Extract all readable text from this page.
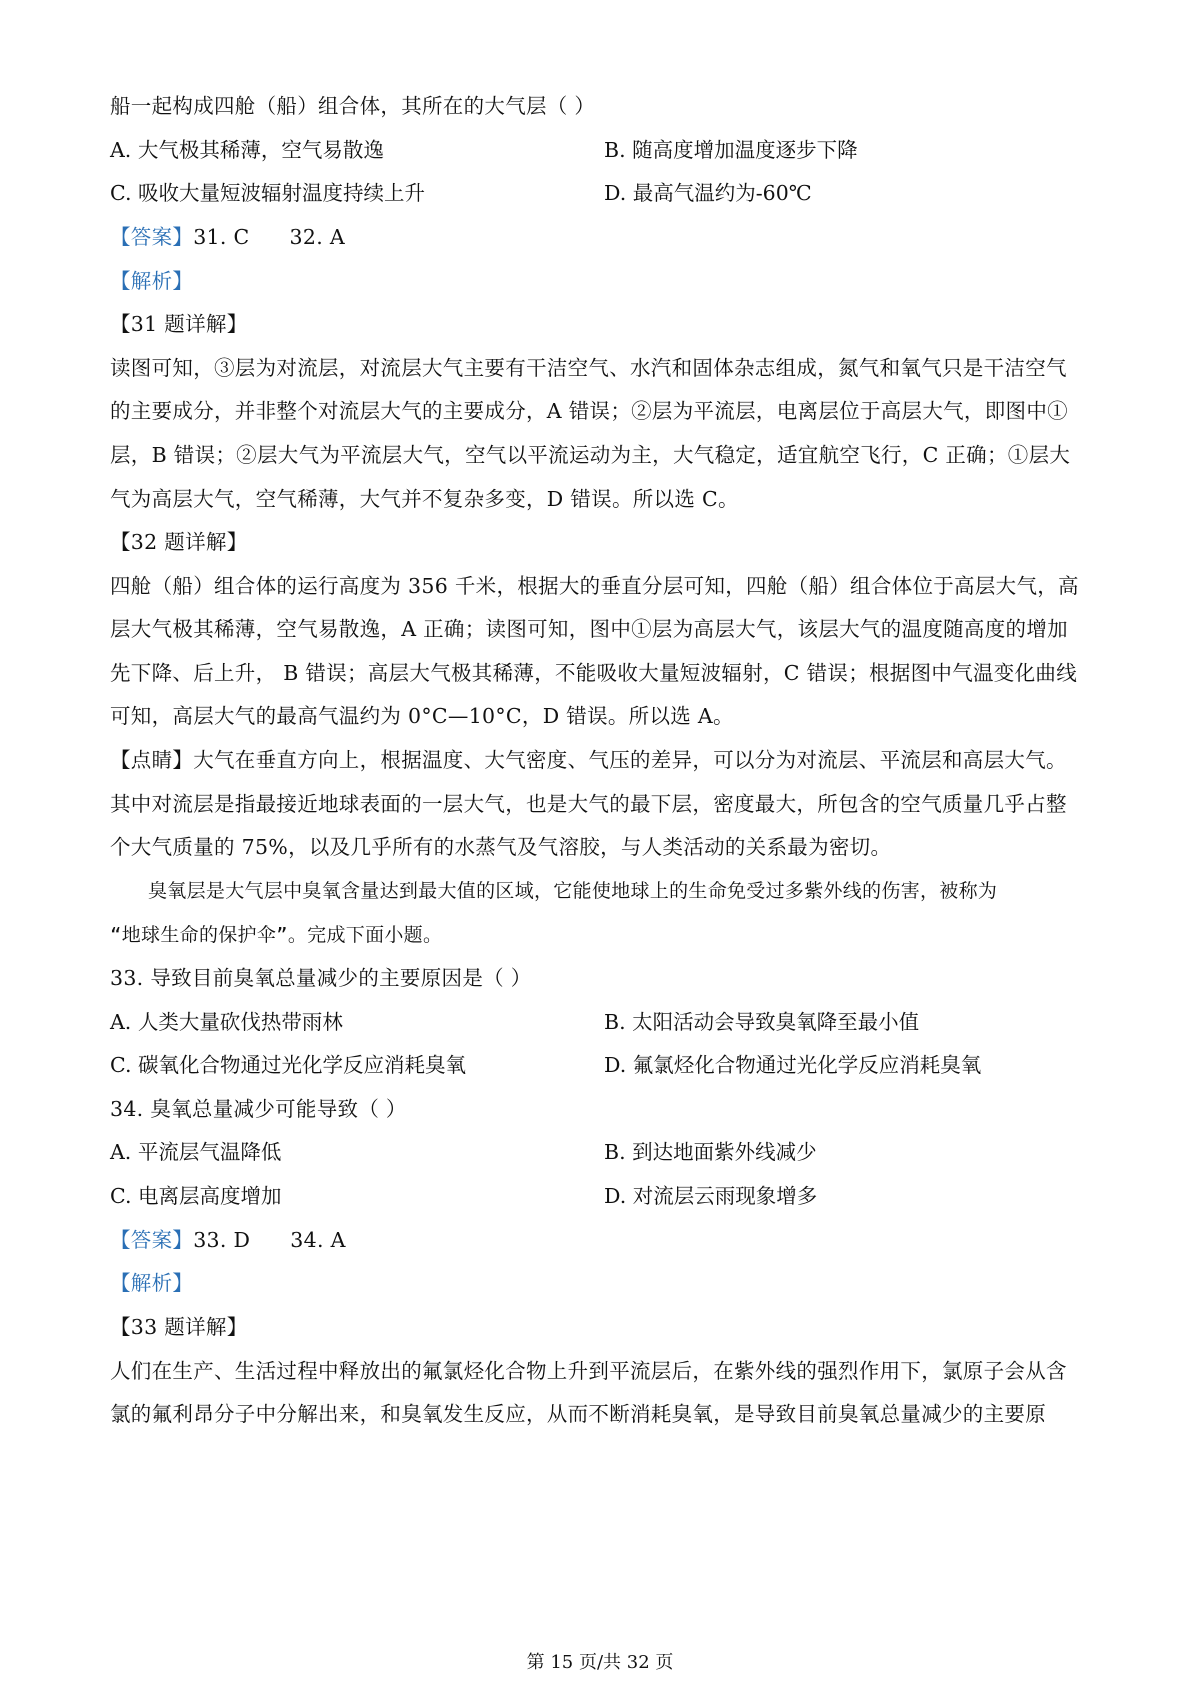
船一起构成四舱（船）组合体，其所在的大气层（ ）
A. 大气极其稀薄，空气易散逸	B. 随高度增加温度逐步下降
C. 吸收大量短波辐射温度持续上升	D. 最高气温约为-60℃
【答案】31. C 32. A
【解析】
【31 题详解】
读图可知，③层为对流层，对流层大气主要有干洁空气、水汽和固体杂志组成，氮气和氧气只是干洁空气
的主要成分，并非整个对流层大气的主要成分，A 错误；②层为平流层，电离层位于高层大气，即图中①
层，B 错误；②层大气为平流层大气，空气以平流运动为主，大气稳定，适宜航空飞行，C 正确；①层大
气为高层大气，空气稀薄，大气并不复杂多变，D 错误。所以选 C。
【32 题详解】
四舱（船）组合体的运行高度为 356 千米，根据大的垂直分层可知，四舱（船）组合体位于高层大气，高
层大气极其稀薄，空气易散逸，A 正确；读图可知，图中①层为高层大气，该层大气的温度随高度的增加
先下降、后上升， B 错误；高层大气极其稀薄，不能吸收大量短波辐射，C 错误；根据图中气温变化曲线
可知，高层大气的最高气温约为 0°C—10°C，D 错误。所以选 A。
【点睛】大气在垂直方向上，根据温度、大气密度、气压的差异，可以分为对流层、平流层和高层大气。
其中对流层是指最接近地球表面的一层大气，也是大气的最下层，密度最大，所包含的空气质量几乎占整
个大气质量的 75%，以及几乎所有的水蒸气及气溶胶，与人类活动的关系最为密切。
臭氧层是大气层中臭氧含量达到最大值的区域，它能使地球上的生命免受过多紫外线的伤害，被称为
“地球生命的保护伞”。完成下面小题。
33. 导致目前臭氧总量减少的主要原因是（ ）
A. 人类大量砍伐热带雨林	B. 太阳活动会导致臭氧降至最小值
C. 碳氧化合物通过光化学反应消耗臭氧	D. 氟氯烃化合物通过光化学反应消耗臭氧
34. 臭氧总量减少可能导致（ ）
A. 平流层气温降低	B. 到达地面紫外线减少
C. 电离层高度增加	D. 对流层云雨现象增多
【答案】33. D 34. A
【解析】
【33 题详解】
人们在生产、生活过程中释放出的氟氯烃化合物上升到平流层后，在紫外线的强烈作用下，氯原子会从含
氯的氟利昂分子中分解出来，和臭氧发生反应，从而不断消耗臭氧，是导致目前臭氧总量减少的主要原
第 15 页/共 32 页
